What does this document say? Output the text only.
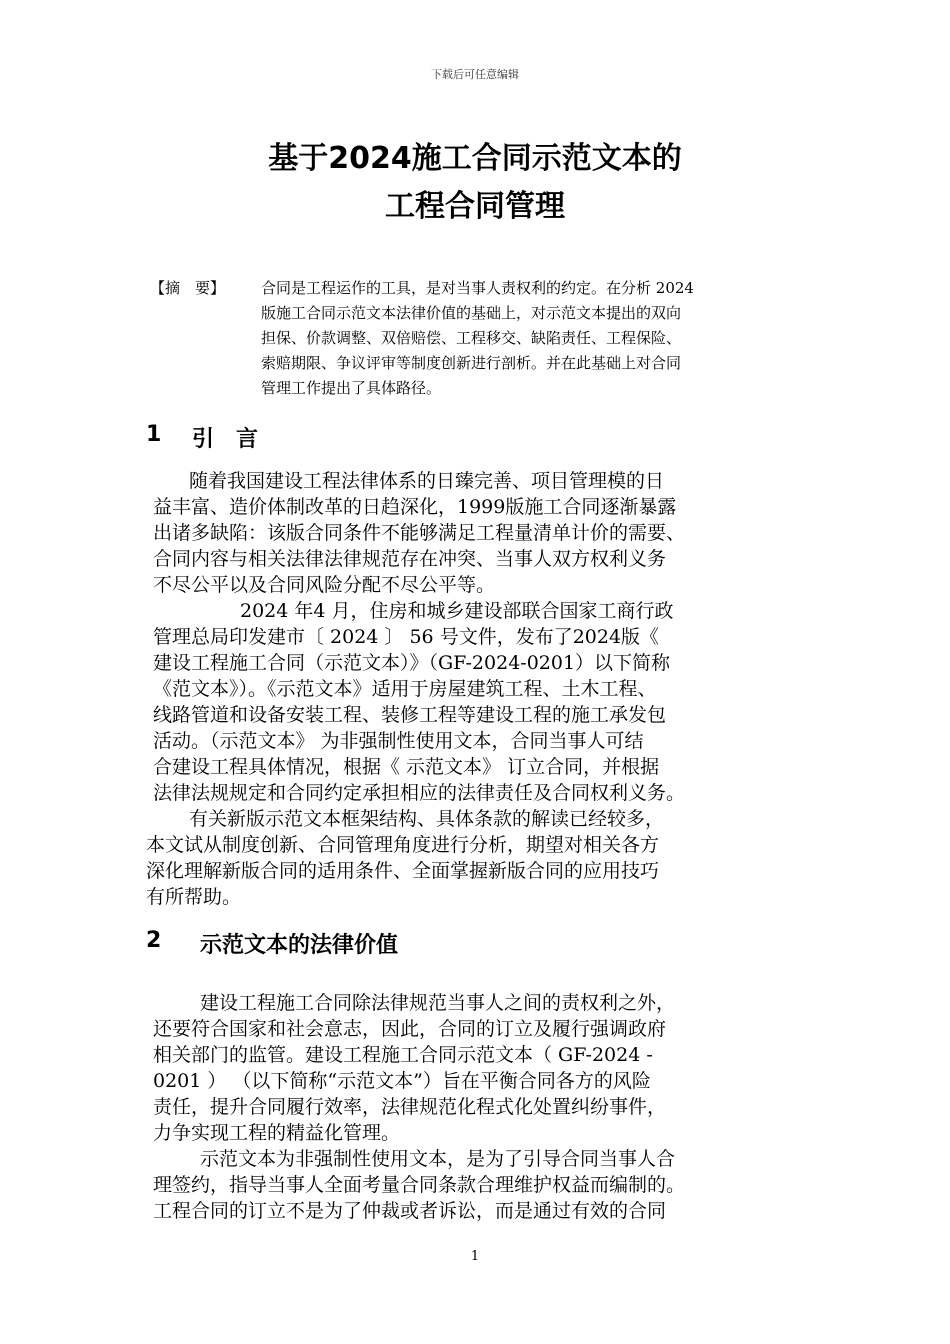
下载后可任意编辑
基于2024施工合同示范文本的
工程合同管理
【摘　要】 合同是工程运作的工具，是对当事人责权利的约定。在分析 2024
版施工合同示范文本法律价值的基础上，对示范文本提出的双向
担保、价款调整、双倍赔偿、工程移交、缺陷责任、工程保险、
索赔期限、争议评审等制度创新进行剖析。并在此基础上对合同
管理工作提出了具体路径。
1 引　言
随着我国建设工程法律体系的日臻完善、项目管理模的日
益丰富、造价体制改革的日趋深化，1999版施工合同逐渐暴露
出诸多缺陷：该版合同条件不能够满足工程量清单计价的需要、
合同内容与相关法律法律规范存在冲突、当事人双方权利义务
不尽公平以及合同风险分配不尽公平等。
2024 年4 月，住房和城乡建设部联合国家工商行政
管理总局印发建市〔 2024 〕 56 号文件，发布了2024版《
建设工程施工合同（示范文本）》（GF-2024-0201）以下简称
《范文本》）。《示范文本》适用于房屋建筑工程、土木工程、
线路管道和设备安装工程、装修工程等建设工程的施工承发包
活动。（示范文本》 为非强制性使用文本，合同当事人可结
合建设工程具体情况，根据《 示范文本》 订立合同，并根据
法律法规规定和合同约定承担相应的法律责任及合同权利义务。
有关新版示范文本框架结构、具体条款的解读已经较多，
本文试从制度创新、合同管理角度进行分析，期望对相关各方
深化理解新版合同的适用条件、全面掌握新版合同的应用技巧
有所帮助。
2 示范文本的法律价值
建设工程施工合同除法律规范当事人之间的责权利之外，
还要符合国家和社会意志，因此，合同的订立及履行强调政府
相关部门的监管。建设工程施工合同示范文本（ GF-2024 -
0201 ） （以下简称“示范文本”）旨在平衡合同各方的风险
责任，提升合同履行效率，法律规范化程式化处置纠纷事件，
力争实现工程的精益化管理。
示范文本为非强制性使用文本，是为了引导合同当事人合
理签约，指导当事人全面考量合同条款合理维护权益而编制的。
工程合同的订立不是为了仲裁或者诉讼，而是通过有效的合同
1
